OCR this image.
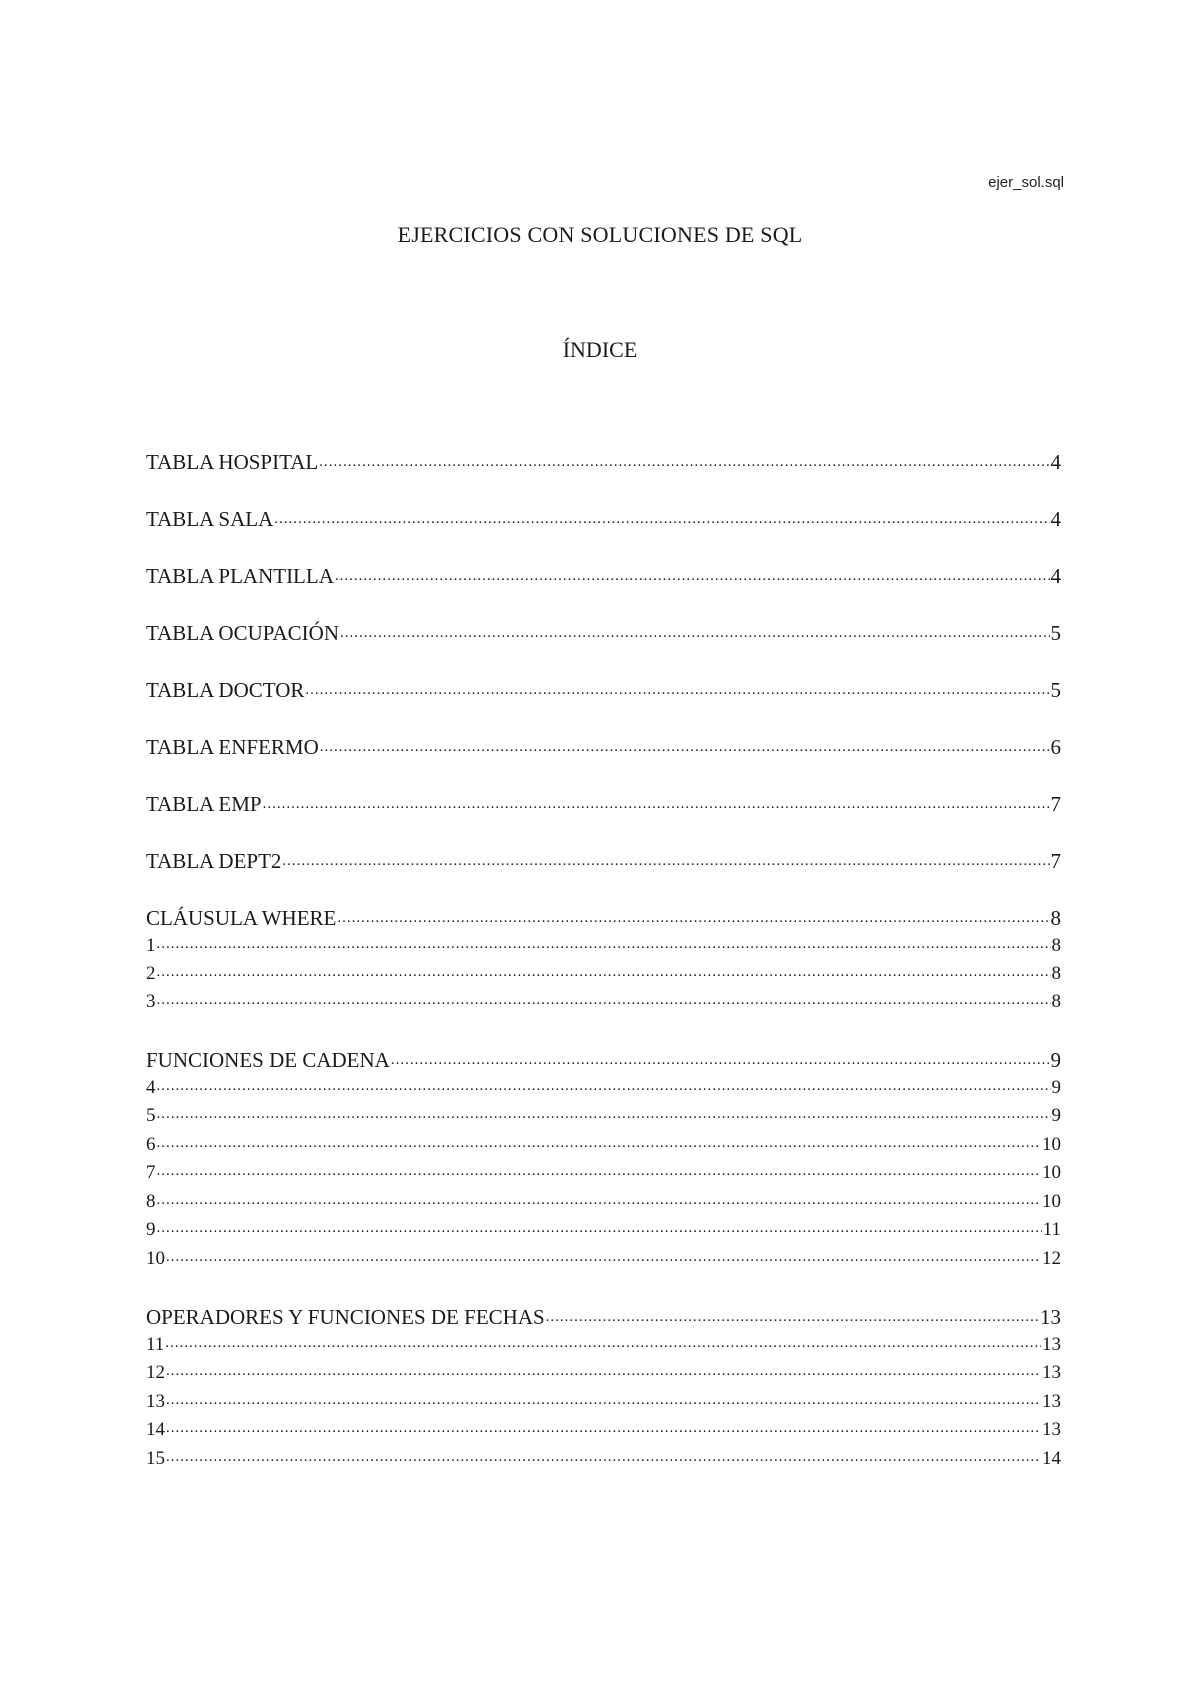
ejer_sol.sql
EJERCICIOS CON SOLUCIONES DE SQL
ÍNDICE
TABLA HOSPITAL .....	4
TABLA SALA .....	4
TABLA PLANTILLA .....	4
TABLA OCUPACIÓN .....	5
TABLA DOCTOR .....	5
TABLA ENFERMO .....	6
TABLA EMP .....	7
TABLA DEPT2 .....	7
CLÁUSULA WHERE .....	8
1 .....	8
2 .....	8
3 .....	8
FUNCIONES DE CADENA .....	9
4 .....	9
5 .....	9
6 .....	10
7 .....	10
8 .....	10
9 .....	11
10 .....	12
OPERADORES Y FUNCIONES DE FECHAS .....	13
11 .....	13
12 .....	13
13 .....	13
14 .....	13
15 .....	14
